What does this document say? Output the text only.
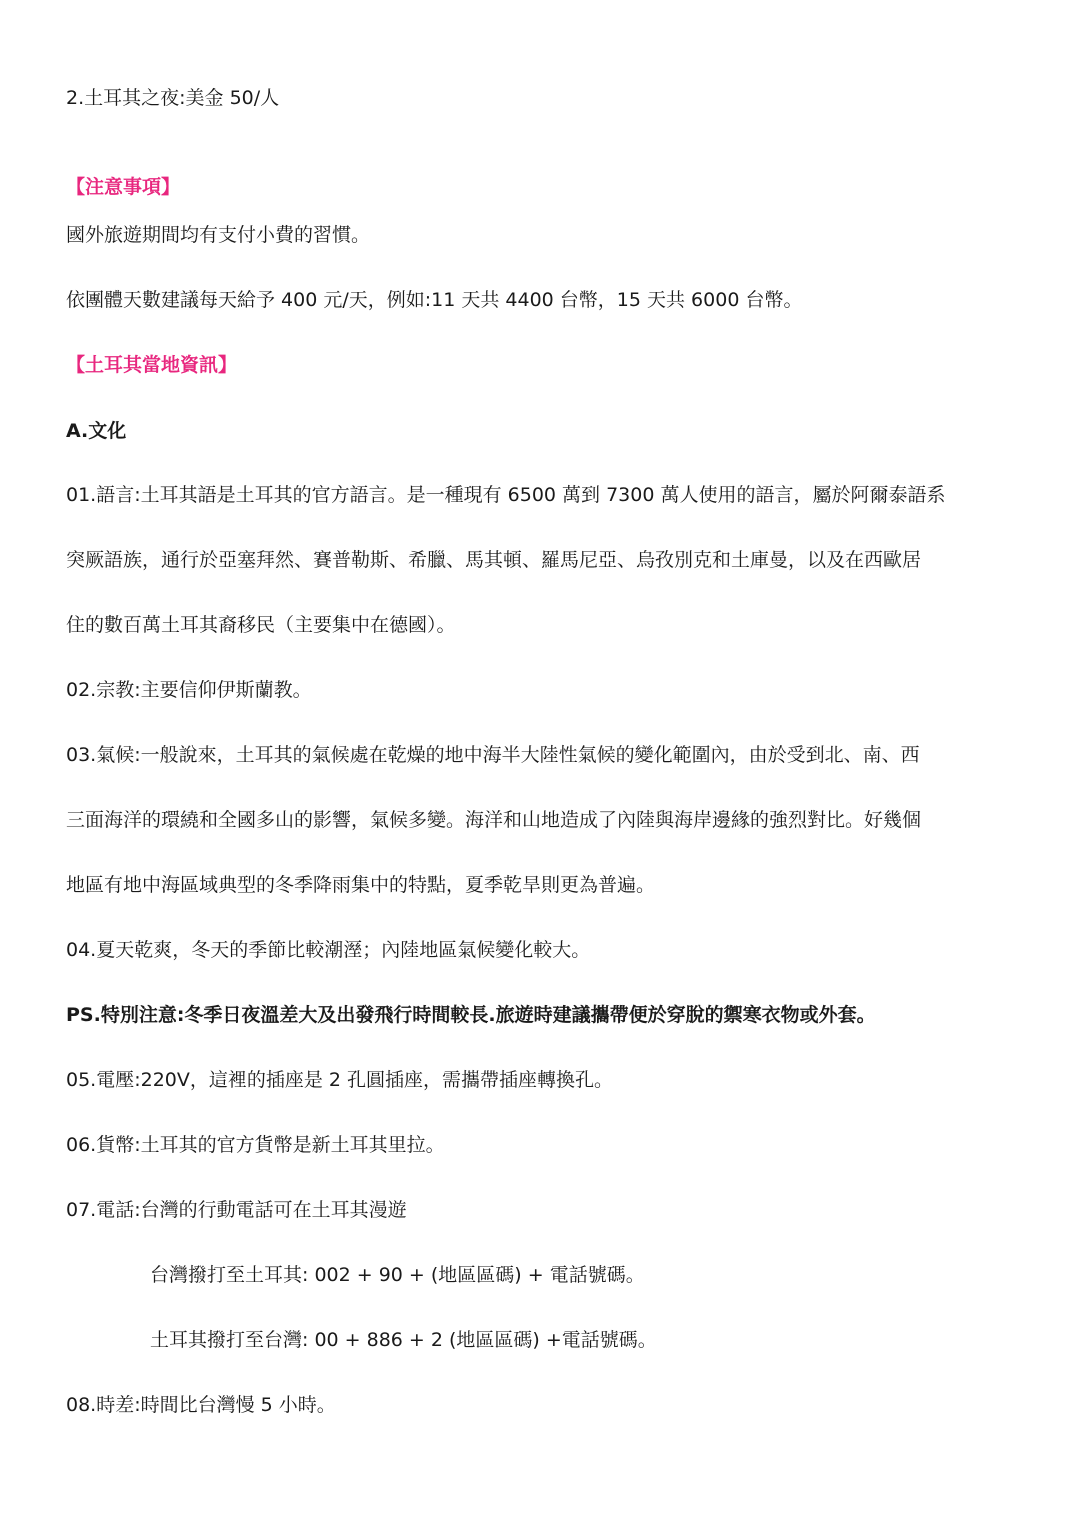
2.土耳其之夜:美金 50/人
【注意事項】
國外旅遊期間均有支付小費的習慣。
依團體天數建議每天給予 400 元/天，例如:11 天共 4400 台幣，15 天共 6000 台幣。
【土耳其當地資訊】
A.文化
01.語言:土耳其語是土耳其的官方語言。是一種現有 6500 萬到 7300 萬人使用的語言，屬於阿爾泰語系
突厥語族，通行於亞塞拜然、賽普勒斯、希臘、馬其頓、羅馬尼亞、烏孜別克和土庫曼，以及在西歐居
住的數百萬土耳其裔移民（主要集中在德國）。
02.宗教:主要信仰伊斯蘭教。
03.氣候:一般說來，土耳其的氣候處在乾燥的地中海半大陸性氣候的變化範圍內，由於受到北、南、西
三面海洋的環繞和全國多山的影響，氣候多變。海洋和山地造成了內陸與海岸邊緣的強烈對比。好幾個
地區有地中海區域典型的冬季降雨集中的特點，夏季乾旱則更為普遍。
04.夏天乾爽，冬天的季節比較潮溼；內陸地區氣候變化較大。
PS.特別注意:冬季日夜溫差大及出發飛行時間較長.旅遊時建議攜帶便於穿脫的禦寒衣物或外套。
05.電壓:220V，這裡的插座是 2 孔圓插座，需攜帶插座轉換孔。
06.貨幣:土耳其的官方貨幣是新土耳其里拉。
07.電話:台灣的行動電話可在土耳其漫遊
台灣撥打至土耳其: 002 + 90 + (地區區碼) + 電話號碼。
土耳其撥打至台灣: 00 + 886 + 2 (地區區碼) +電話號碼。
08.時差:時間比台灣慢 5 小時。
